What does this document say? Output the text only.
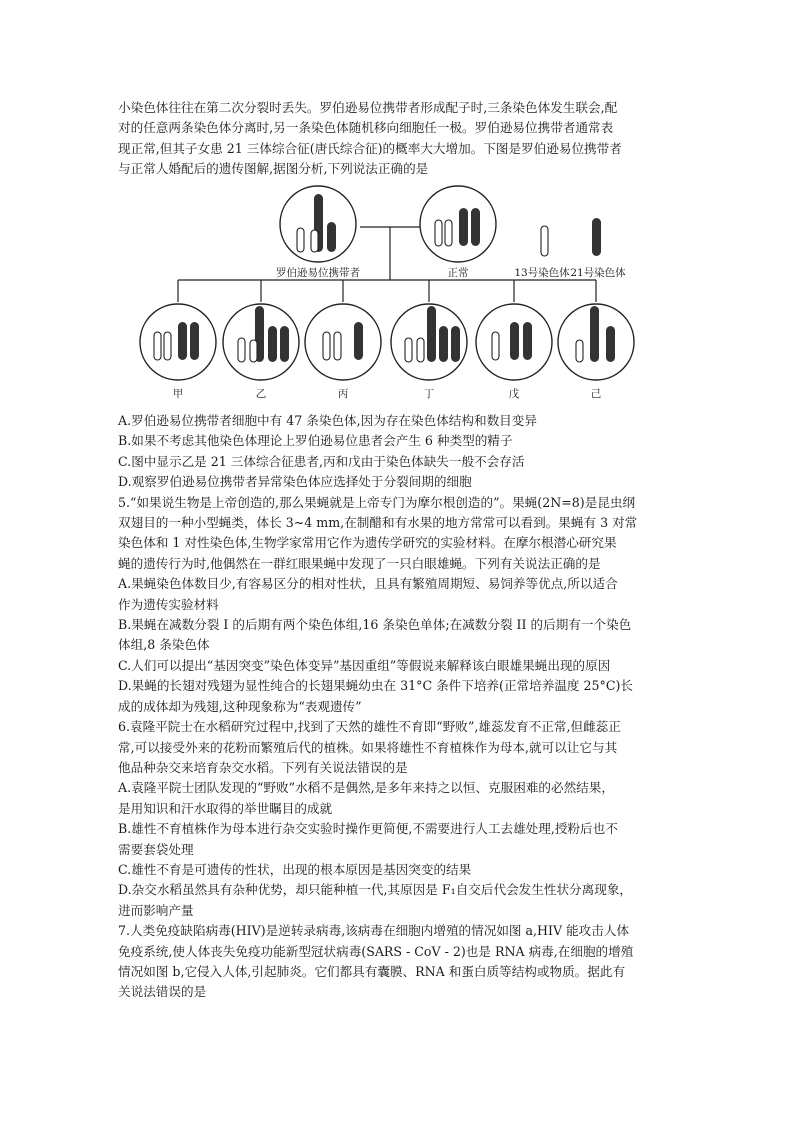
小染色体往往在第二次分裂时丢失。罗伯逊易位携带者形成配子时,三条染色体发生联会,配

对的任意两条染色体分离时,另一条染色体随机移向细胞任一极。罗伯逊易位携带者通常表

现正常,但其子女患 21 三体综合征(唐氏综合征)的概率大大增加。下图是罗伯逊易位携带者

与正常人婚配后的遗传图解,据图分析,下列说法正确的是

罗伯逊易位携带者	正常	13号染色体 21号染色体
甲	乙	丙	丁	戊	己

A.罗伯逊易位携带者细胞中有 47 条染色体,因为存在染色体结构和数目变异

B.如果不考虑其他染色体理论上罗伯逊易位患者会产生 6 种类型的精子

C.图中显示乙是 21 三体综合征患者,丙和戊由于染色体缺失一般不会存活

D.观察罗伯逊易位携带者异常染色体应选择处于分裂间期的细胞

5.“如果说生物是上帝创造的,那么果蝇就是上帝专门为摩尔根创造的”。果蝇(2N=8)是昆虫纲

双翅目的一种小型蝇类，体长 3~4 mm,在制醋和有水果的地方常常可以看到。果蝇有 3 对常

染色体和 1 对性染色体,生物学家常用它作为遗传学研究的实验材料。在摩尔根潜心研究果

蝇的遗传行为时,他偶然在一群红眼果蝇中发现了一只白眼雄蝇。下列有关说法正确的是

A.果蝇染色体数目少,有容易区分的相对性状，且具有繁殖周期短、易饲养等优点,所以适合

作为遗传实验材料

B.果蝇在减数分裂 I 的后期有两个染色体组,16 条染色单体;在减数分裂 II 的后期有一个染色

体组,8 条染色体

C.人们可以提出“基因突变”染色体变异”基因重组”等假说来解释该白眼雄果蝇出现的原因

D.果蝇的长翅对残翅为显性纯合的长翅果蝇幼虫在 31°C 条件下培养(正常培养温度 25°C)长

成的成体却为残翅,这种现象称为“表观遗传”

6.袁隆平院士在水稻研究过程中,找到了天然的雄性不育即“野败”,雄蕊发育不正常,但雌蕊正

常,可以接受外来的花粉而繁殖后代的植株。如果将雄性不育植株作为母本,就可以让它与其

他品种杂交来培育杂交水稻。下列有关说法错误的是

A.袁隆平院士团队发现的“野败”水稻不是偶然,是多年来持之以恒、克服困难的必然结果，

是用知识和汗水取得的举世瞩目的成就

B.雄性不育植株作为母本进行杂交实验时操作更简便,不需要进行人工去雄处理,授粉后也不

需要套袋处理

C.雄性不育是可遗传的性状，出现的根本原因是基因突变的结果

D.杂交水稻虽然具有杂种优势，却只能种植一代,其原因是 F₁自交后代会发生性状分离现象，

进而影响产量

7.人类免疫缺陷病毒(HIV)是逆转录病毒,该病毒在细胞内增殖的情况如图 a,HIV 能攻击人体

免疫系统,使人体丧失免疫功能新型冠状病毒(SARS - CoV - 2)也是 RNA 病毒,在细胞的增殖

情况如图 b,它侵入人体,引起肺炎。它们都具有囊膜、RNA 和蛋白质等结构或物质。据此有

关说法错误的是
